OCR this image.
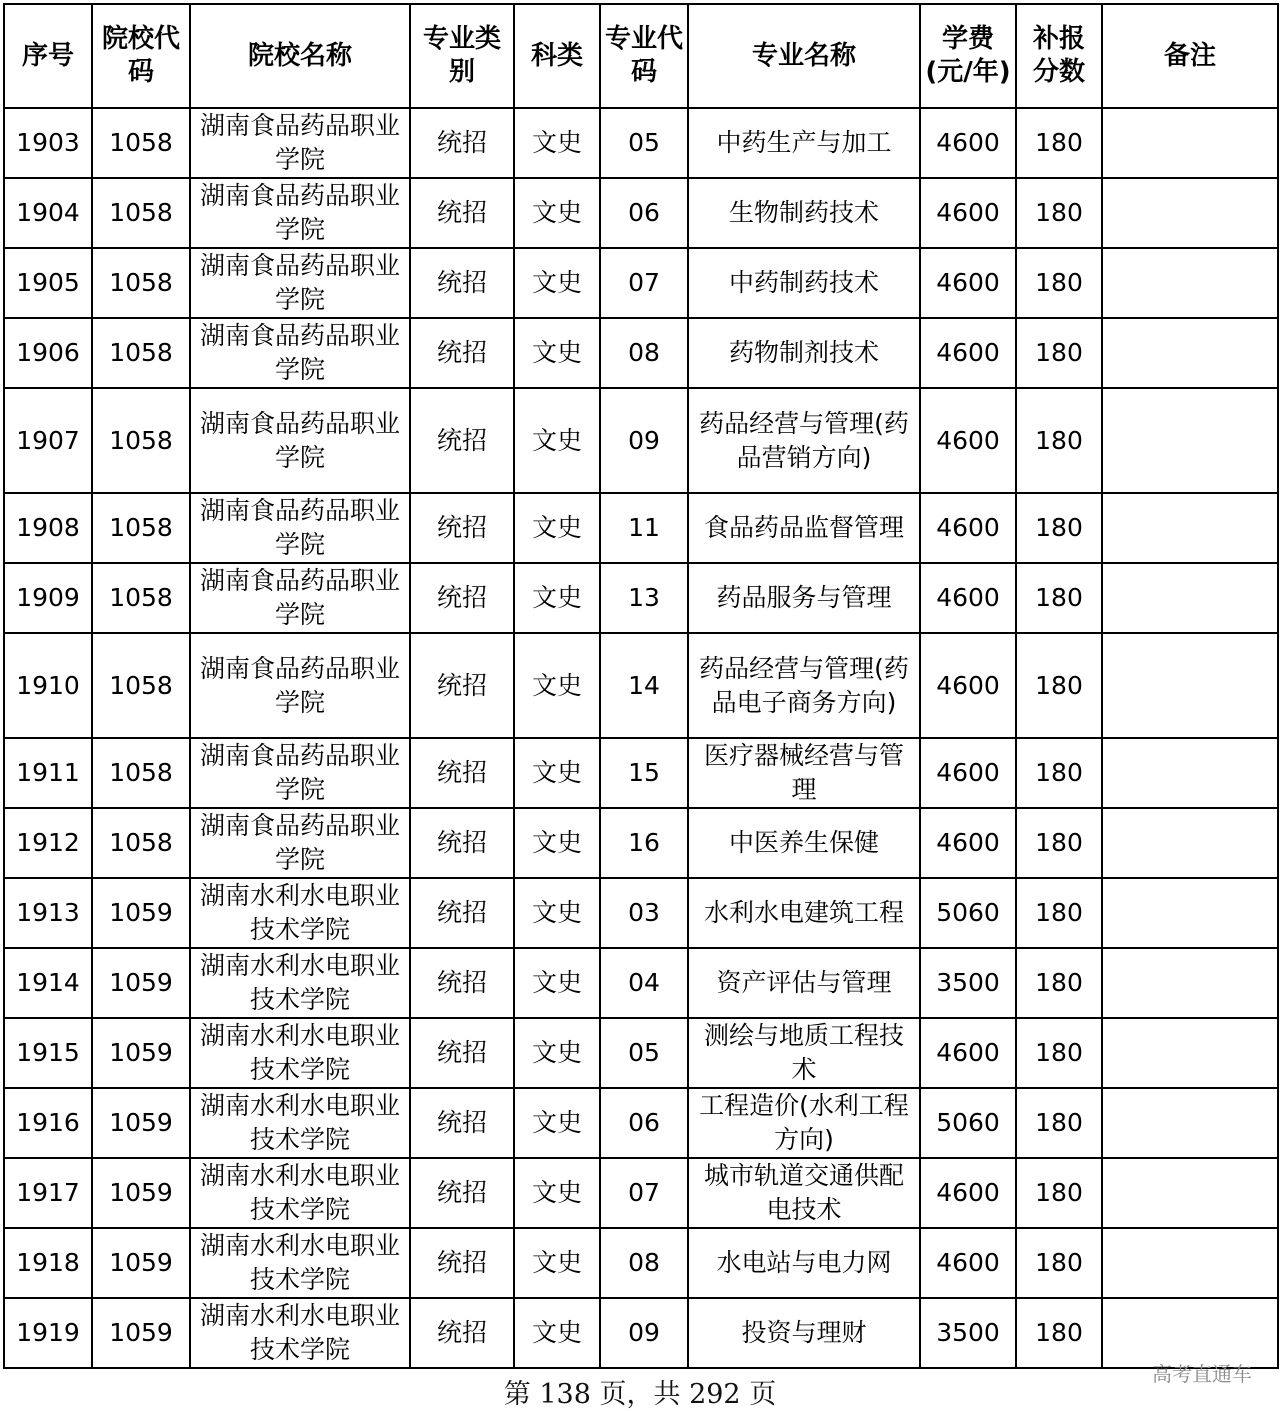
序号	院校代码	院校名称	专业类别	科类	专业代码	专业名称	学费(元/年)	补报分数	备注
1903	1058	湖南食品药品职业学院	统招	文史	05	中药生产与加工	4600	180	
1904	1058	湖南食品药品职业学院	统招	文史	06	生物制药技术	4600	180	
1905	1058	湖南食品药品职业学院	统招	文史	07	中药制药技术	4600	180	
1906	1058	湖南食品药品职业学院	统招	文史	08	药物制剂技术	4600	180	
1907	1058	湖南食品药品职业学院	统招	文史	09	药品经营与管理(药品营销方向)	4600	180	
1908	1058	湖南食品药品职业学院	统招	文史	11	食品药品监督管理	4600	180	
1909	1058	湖南食品药品职业学院	统招	文史	13	药品服务与管理	4600	180	
1910	1058	湖南食品药品职业学院	统招	文史	14	药品经营与管理(药品电子商务方向)	4600	180	
1911	1058	湖南食品药品职业学院	统招	文史	15	医疗器械经营与管理	4600	180	
1912	1058	湖南食品药品职业学院	统招	文史	16	中医养生保健	4600	180	
1913	1059	湖南水利水电职业技术学院	统招	文史	03	水利水电建筑工程	5060	180	
1914	1059	湖南水利水电职业技术学院	统招	文史	04	资产评估与管理	3500	180	
1915	1059	湖南水利水电职业技术学院	统招	文史	05	测绘与地质工程技术	4600	180	
1916	1059	湖南水利水电职业技术学院	统招	文史	06	工程造价(水利工程方向)	5060	180	
1917	1059	湖南水利水电职业技术学院	统招	文史	07	城市轨道交通供配电技术	4600	180	
1918	1059	湖南水利水电职业技术学院	统招	文史	08	水电站与电力网	4600	180	
1919	1059	湖南水利水电职业技术学院	统招	文史	09	投资与理财	3500	180	
第 138 页，共 292 页
高考直通车
